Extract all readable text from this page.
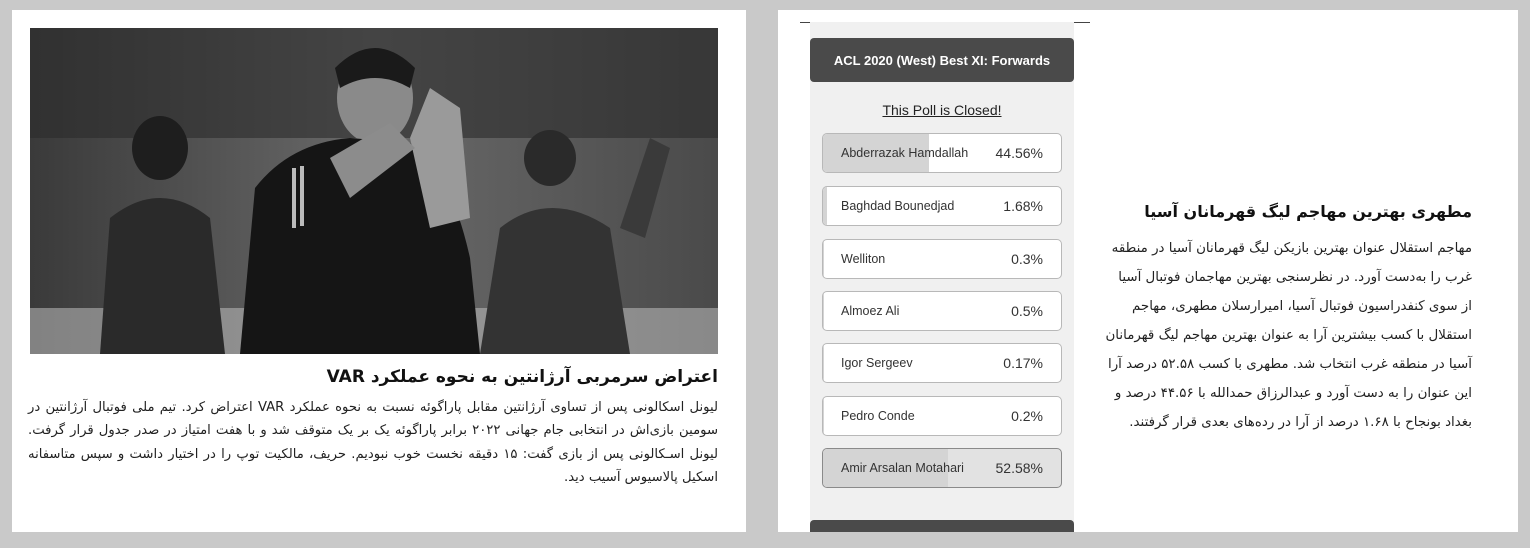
اعتراض سرمربی آرژانتین به نحوه عملکرد VAR
لیونل اسکالونی پس از تساوی آرژانتین مقابل پاراگوئه نسبت به نحوه عملکرد VAR اعتراض کرد. تیم ملی فوتبال آرژانتین در سومین بازی‌اش در انتخابی جام جهانی ۲۰۲۲ برابر پاراگوئه یک بر یک متوقف شد و با هفت امتیاز در صدر جدول قرار گرفت. لیونل اسـکالونی پس از بازی گفت: ۱۵ دقیقه نخست خوب نبودیم. حریف، مالکیت توپ را در اختیار داشت و سپس متاسفانه اسکیل پالاسیوس آسیب دید.
ACL 2020 (West) Best XI: Forwards
This Poll is Closed!
Abderrazak Hamdallah 44.56%
Baghdad Bounedjad	1.68%
Welliton	0.3%
Almoez Ali	0.5%
Igor Sergeev	0.17%
Pedro Conde	0.2%
Amir Arsalan Motahari 52.58%
مطهری بهترین مهاجم لیگ قهرمانان آسیا
مهاجم استقلال عنوان بهترین بازیکن لیگ قهرمانان آسیا در منطقه غرب را به‌دست آورد. در نظرسنجی بهترین مهاجمان فوتبال آسیا از سوی کنفدراسیون فوتبال آسیا، امیرارسلان مطهری، مهاجم استقلال با کسب بیشترین آرا به عنوان بهترین مهاجم لیگ قهرمانان آسیا در منطقه غرب انتخاب شد. مطهری با کسب ۵۲.۵۸ درصد آرا این عنوان را به دست آورد و عبدالرزاق حمدالله با ۴۴.۵۶ درصد و بغداد بونجاح با ۱.۶۸ درصد از آرا در رده‌های بعدی قرار گرفتند.
